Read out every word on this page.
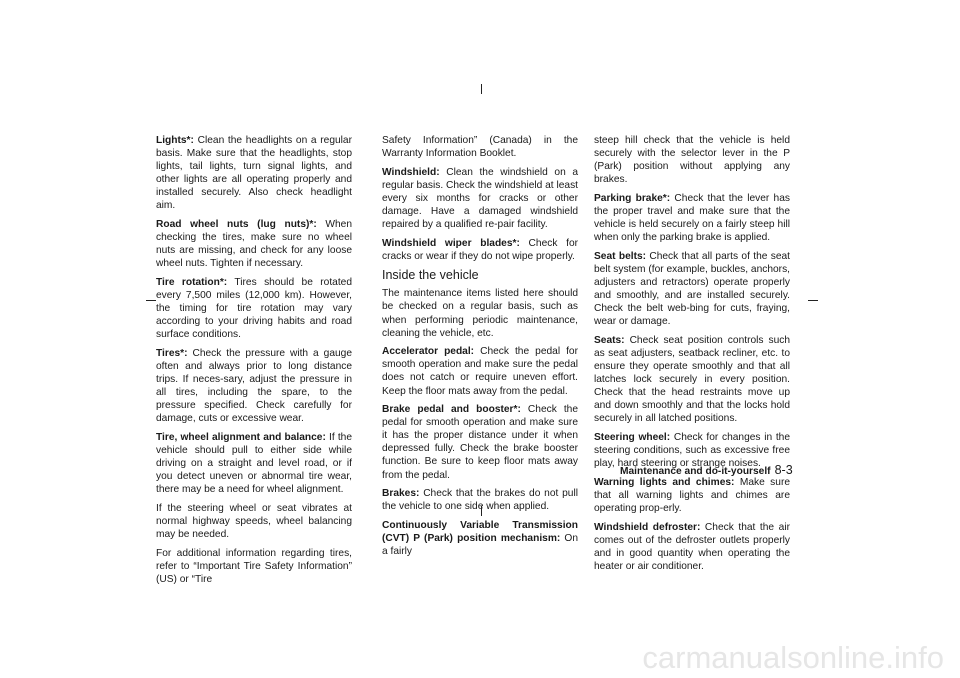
Lights*: Clean the headlights on a regular basis. Make sure that the headlights, stop lights, tail lights, turn signal lights, and other lights are all operating properly and installed securely. Also check headlight aim.

Road wheel nuts (lug nuts)*: When checking the tires, make sure no wheel nuts are missing, and check for any loose wheel nuts. Tighten if necessary.

Tire rotation*: Tires should be rotated every 7,500 miles (12,000 km). However, the timing for tire rotation may vary according to your driving habits and road surface conditions.

Tires*: Check the pressure with a gauge often and always prior to long distance trips. If neces-sary, adjust the pressure in all tires, including the spare, to the pressure specified. Check carefully for damage, cuts or excessive wear.

Tire, wheel alignment and balance: If the vehicle should pull to either side while driving on a straight and level road, or if you detect uneven or abnormal tire wear, there may be a need for wheel alignment.

If the steering wheel or seat vibrates at normal highway speeds, wheel balancing may be needed.

For additional information regarding tires, refer to “Important Tire Safety Information” (US) or “Tire

Safety Information” (Canada) in the Warranty Information Booklet.

Windshield: Clean the windshield on a regular basis. Check the windshield at least every six months for cracks or other damage. Have a damaged windshield repaired by a qualified re-pair facility.

Windshield wiper blades*: Check for cracks or wear if they do not wipe properly.

Inside the vehicle

The maintenance items listed here should be checked on a regular basis, such as when performing periodic maintenance, cleaning the vehicle, etc.

Accelerator pedal: Check the pedal for smooth operation and make sure the pedal does not catch or require uneven effort. Keep the floor mats away from the pedal.

Brake pedal and booster*: Check the pedal for smooth operation and make sure it has the proper distance under it when depressed fully. Check the brake booster function. Be sure to keep floor mats away from the pedal.

Brakes: Check that the brakes do not pull the vehicle to one side when applied.

Continuously Variable Transmission (CVT) P (Park) position mechanism: On a fairly

steep hill check that the vehicle is held securely with the selector lever in the P (Park) position without applying any brakes.

Parking brake*: Check that the lever has the proper travel and make sure that the vehicle is held securely on a fairly steep hill when only the parking brake is applied.

Seat belts: Check that all parts of the seat belt system (for example, buckles, anchors, adjusters and retractors) operate properly and smoothly, and are installed securely. Check the belt web-bing for cuts, fraying, wear or damage.

Seats: Check seat position controls such as seat adjusters, seatback recliner, etc. to ensure they operate smoothly and that all latches lock securely in every position. Check that the head restraints move up and down smoothly and that the locks hold securely in all latched positions.

Steering wheel: Check for changes in the steering conditions, such as excessive free play, hard steering or strange noises.

Warning lights and chimes: Make sure that all warning lights and chimes are operating prop-erly.

Windshield defroster: Check that the air comes out of the defroster outlets properly and in good quantity when operating the heater or air conditioner.

Maintenance and do-it-yourself 8-3
carmanualsonline.info
